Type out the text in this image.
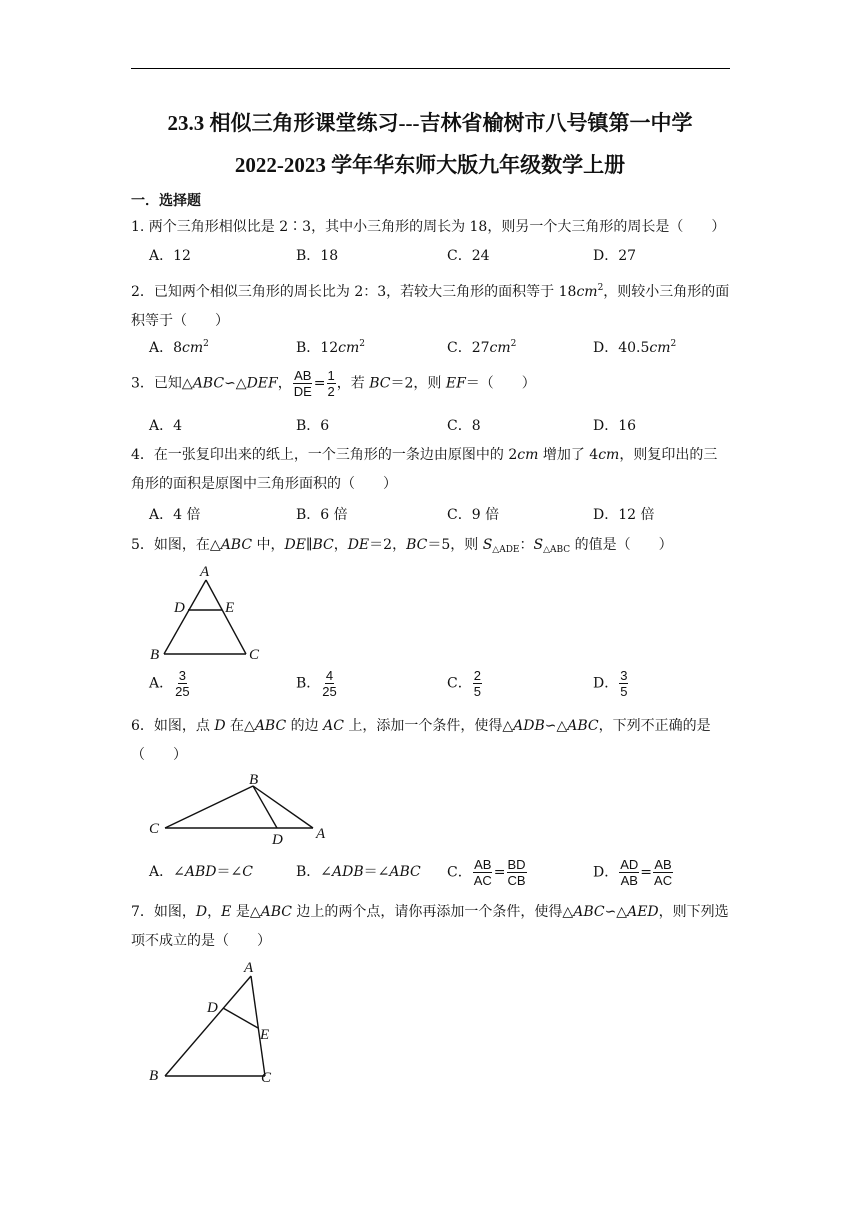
23.3 相似三角形课堂练习---吉林省榆树市八号镇第一中学
2022-2023 学年华东师大版九年级数学上册
一．选择题
1. 两个三角形相似比是 2∶3，其中小三角形的周长为 18，则另一个大三角形的周长是（　　）
A．12	B．18	C．24	D．27
2．已知两个相似三角形的周长比为 2：3，若较大三角形的面积等于 $18cm^2$，则较小三角形的面积等于（　　）
A．$8cm^2$	B．$12cm^2$	C．$27cm^2$	D．$40.5cm^2$
3．已知△ABC∽△DEF， $\frac{AB}{DE} = \frac{1}{2}$ ，若 BC＝2，则 EF＝（　　）
A．4	B．6	C．8	D．16
4．在一张复印出来的纸上，一个三角形的一条边由原图中的 2cm 增加了 4cm，则复印出的三角形的面积是原图中三角形面积的（　　）
A．4 倍	B．6 倍	C．9 倍	D．12 倍
5．如图，在△ABC 中，DE∥BC，DE＝2，BC＝5，则 $S_{\triangle ADE}$：$S_{\triangle ABC}$ 的值是（　　）
A
D	E
B	C
A． $\frac{3}{25}$	B． $\frac{4}{25}$	C． $\frac{2}{5}$	D． $\frac{3}{5}$
6．如图，点 D 在△ABC 的边 AC 上，添加一个条件，使得△ADB∽△ABC，下列不正确的是（　　）
B
C
D A
A．∠ABD＝∠C	B．∠ADB＝∠ABC C． $\frac{AB}{AC} = \frac{BD}{CB}$	D． $\frac{AD}{AB} = \frac{AB}{AC}$
7．如图，D，E 是△ABC 边上的两个点，请你再添加一个条件，使得△ABC∽△AED，则下列选项不成立的是（　　）
A
D
E
B	C
